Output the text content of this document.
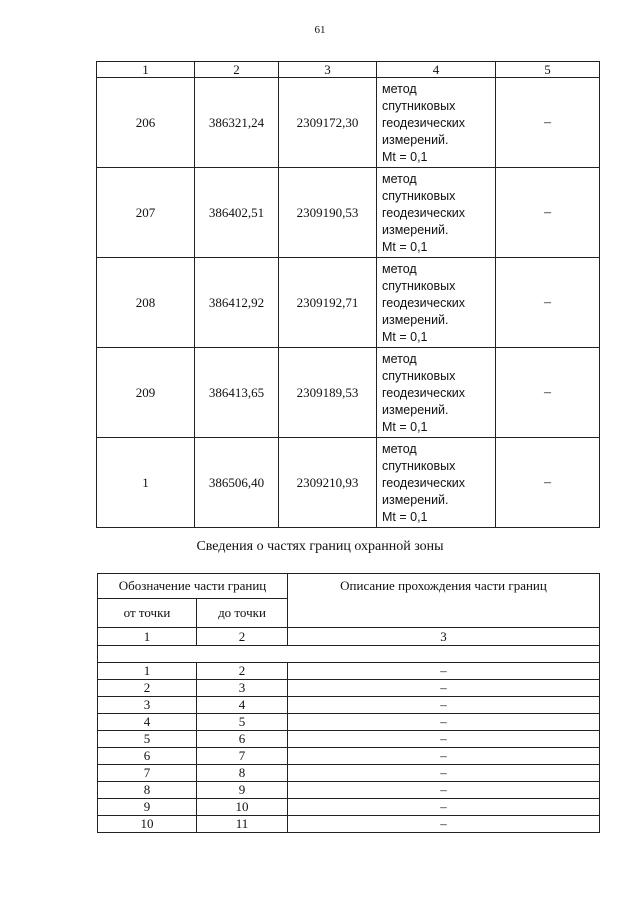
61
1	2	3	4	5
206	386321,24	2309172,30	метод
спутниковых
геодезических
измерений.
Mt = 0,1	–
207	386402,51	2309190,53	метод
спутниковых
геодезических
измерений.
Mt = 0,1	–
208	386412,92	2309192,71	метод
спутниковых
геодезических
измерений.
Mt = 0,1	–
209	386413,65	2309189,53	метод
спутниковых
геодезических
измерений.
Mt = 0,1	–
1	386506,40	2309210,93	метод
спутниковых
геодезических
измерений.
Mt = 0,1	–
Сведения о частях границ охранной зоны
Обозначение части границ		Описание прохождения части границ
от точки	до точки	
1	2	3

1	2	–
2	3	–
3	4	–
4	5	–
5	6	–
6	7	–
7	8	–
8	9	–
9	10	–
10	11	–
